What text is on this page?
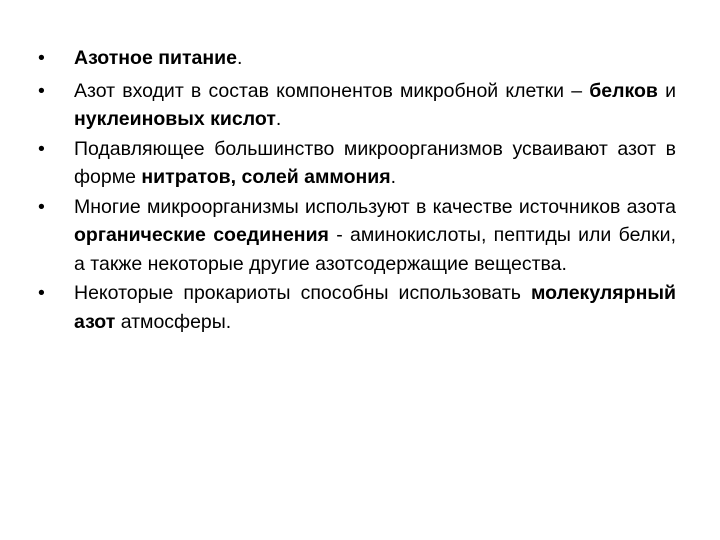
•	Азотное питание.
•	Азот входит в состав компонентов микробной клетки – белков и нуклеиновых кислот.
•	Подавляющее большинство микроорганизмов усваивают азот в форме нитратов, солей аммония.
•	Многие микроорганизмы используют в качестве источников азота органические соединения - аминокислоты, пептиды или белки, а также некоторые другие азотсодержащие вещества.
•	Некоторые прокариоты способны использовать молекулярный азот атмосферы.
